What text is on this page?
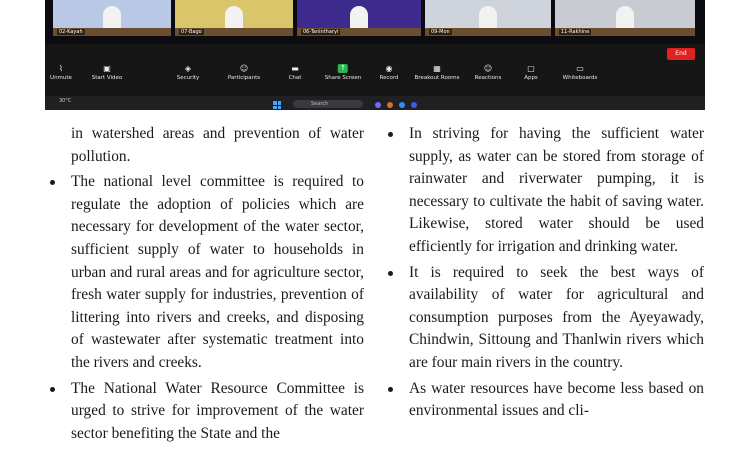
02-Kayah	07-Bago	06-Tanintharyi	09-Mon	11-Rakhine
⌇
Unmute
▣
Start Video
◈
Security
☺
Participants
▬
Chat
↑
Share Screen
◉
Record
▦
Breakout Rooms
☺
Reactions
▢
Apps
▭
Whiteboards
End
30°C	Search
in watershed areas and prevention of water pollution.
The national level committee is required to regulate the adoption of policies which are necessary for development of the water sector, sufficient supply of water to households in urban and rural areas and for agriculture sector, fresh water supply for industries, prevention of littering into rivers and creeks, and disposing of wastewater after systematic treatment into the rivers and creeks.
The National Water Resource Committee is urged to strive for improvement of the water sector benefiting the State and the
In striving for having the sufficient water supply, as water can be stored from storage of rainwater and riverwater pumping, it is necessary to cultivate the habit of saving water. Likewise, stored water should be used efficiently for irrigation and drinking water.
It is required to seek the best ways of availability of water for agricultural and consumption purposes from the Ayeyawady, Chindwin, Sittoung and Thanlwin rivers which are four main rivers in the country.
As water resources have become less based on environmental issues and cli-
